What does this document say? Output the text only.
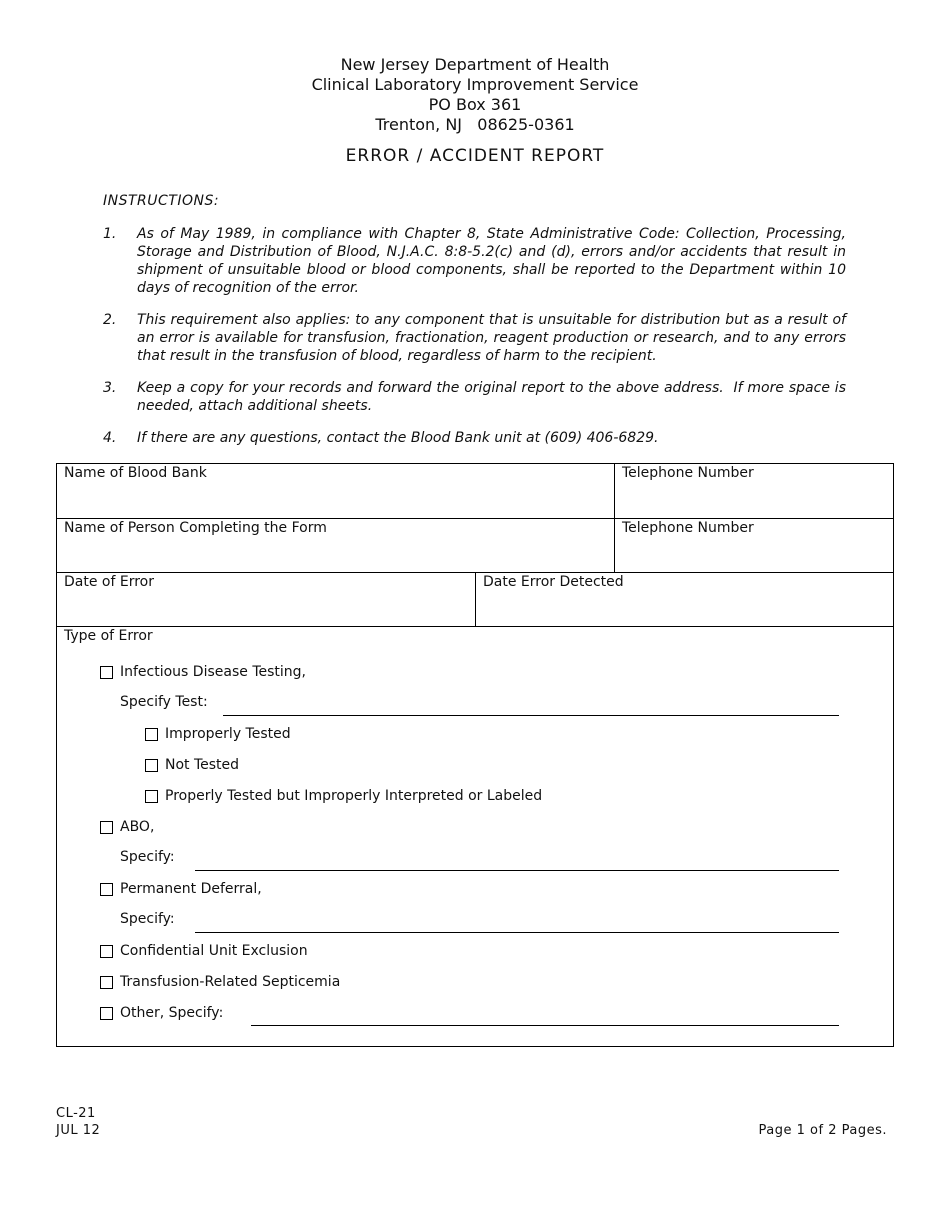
New Jersey Department of Health
Clinical Laboratory Improvement Service
PO Box 361
Trenton, NJ   08625-0361
ERROR / ACCIDENT REPORT
INSTRUCTIONS:
1.	As of May 1989, in compliance with Chapter 8, State Administrative Code: Collection, Processing, Storage and Distribution of Blood, N.J.A.C. 8:8-5.2(c) and (d), errors and/or accidents that result in shipment of unsuitable blood or blood components, shall be reported to the Department within 10 days of recognition of the error.
2.	This requirement also applies: to any component that is unsuitable for distribution but as a result of an error is available for transfusion, fractionation, reagent production or research, and to any errors that result in the transfusion of blood, regardless of harm to the recipient.
3.	Keep a copy for your records and forward the original report to the above address.  If more space is needed, attach additional sheets.
4.	If there are any questions, contact the Blood Bank unit at (609) 406-6829.
Name of Blood Bank	Telephone Number
Name of Person Completing the Form	Telephone Number
Date of Error	Date Error Detected
Type of Error
Infectious Disease Testing,
Specify Test:
Improperly Tested
Not Tested
Properly Tested but Improperly Interpreted or Labeled
ABO,
Specify:
Permanent Deferral,
Specify:
Confidential Unit Exclusion
Transfusion-Related Septicemia
Other, Specify:
CL-21
JUL 12	Page 1 of 2 Pages.
